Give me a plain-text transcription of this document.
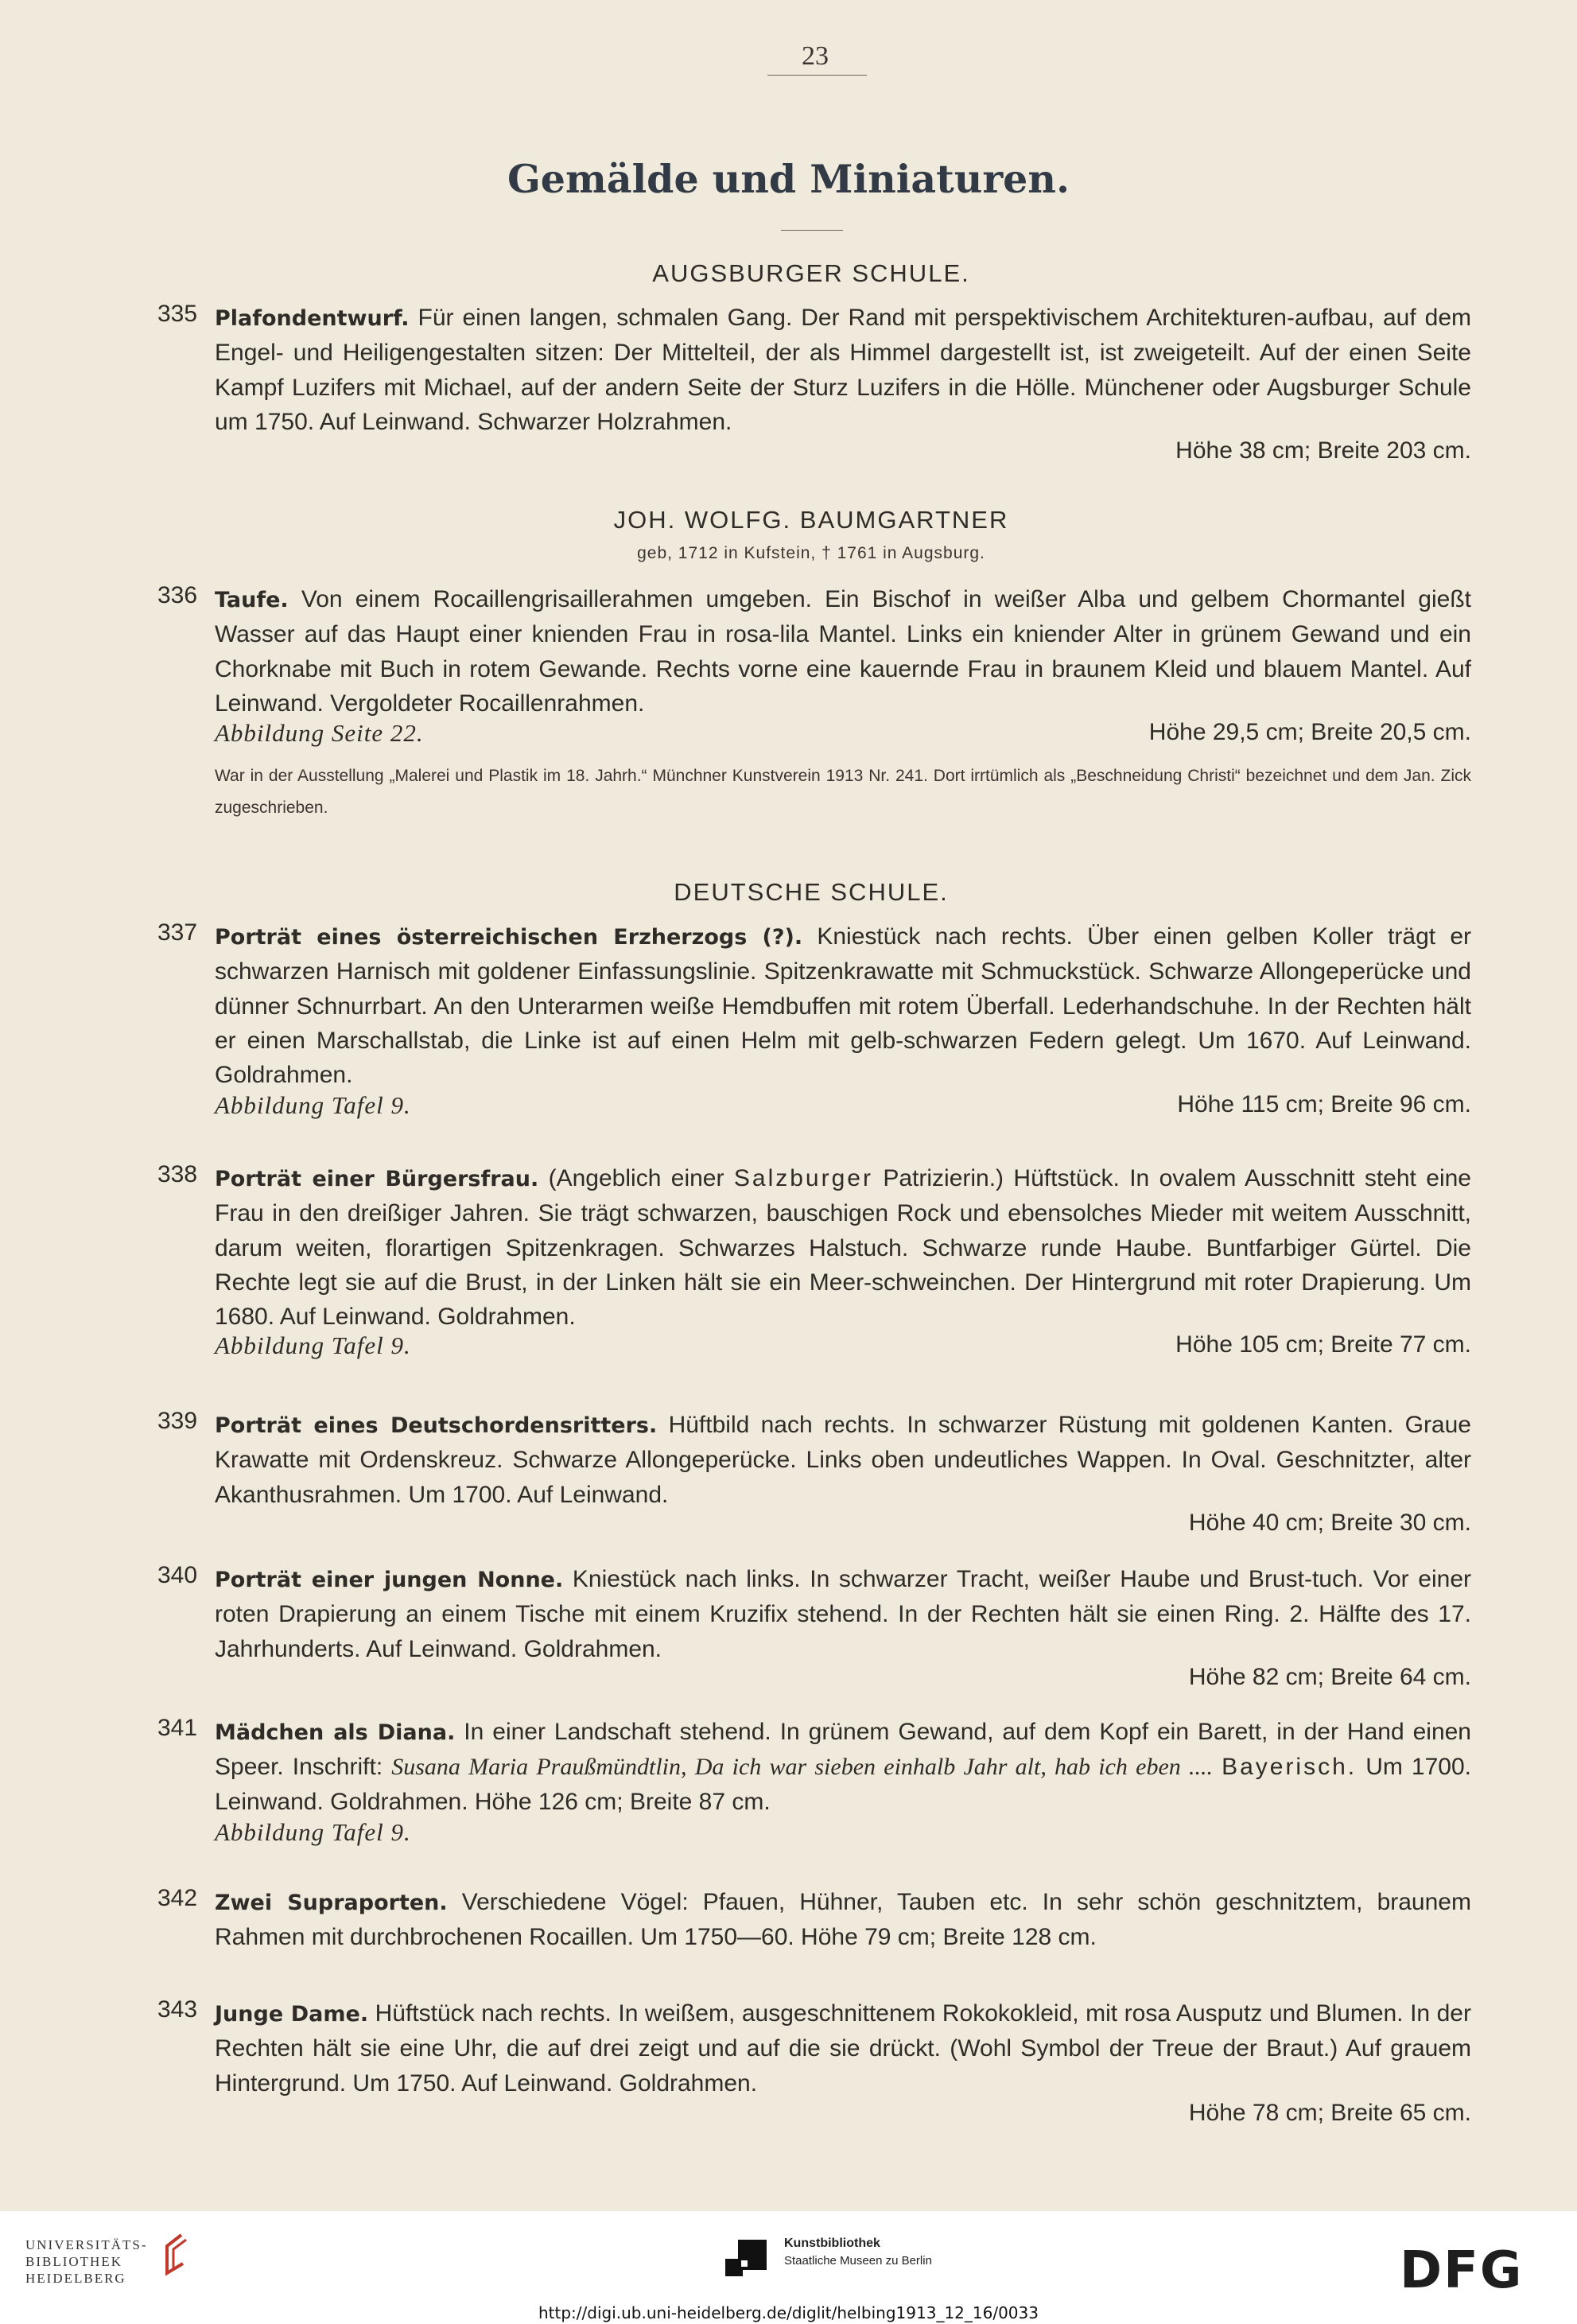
23
Gemälde und Miniaturen.
AUGSBURGER SCHULE.
335 Plafondentwurf. Für einen langen, schmalen Gang. Der Rand mit perspektivischem Architekturen-aufbau, auf dem Engel- und Heiligengestalten sitzen: Der Mittelteil, der als Himmel dargestellt ist, ist zweigeteilt. Auf der einen Seite Kampf Luzifers mit Michael, auf der andern Seite der Sturz Luzifers in die Hölle. Münchener oder Augsburger Schule um 1750. Auf Leinwand. Schwarzer Holzrahmen.
Höhe 38 cm; Breite 203 cm.
JOH. WOLFG. BAUMGARTNER
geb, 1712 in Kufstein, † 1761 in Augsburg.
336 Taufe. Von einem Rocaillengrisaillerahmen umgeben. Ein Bischof in weißer Alba und gelbem Chormantel gießt Wasser auf das Haupt einer knienden Frau in rosa-lila Mantel. Links ein kniender Alter in grünem Gewand und ein Chorknabe mit Buch in rotem Gewande. Rechts vorne eine kauernde Frau in braunem Kleid und blauem Mantel. Auf Leinwand. Vergoldeter Rocaillenrahmen.
Abbildung Seite 22.	Höhe 29,5 cm; Breite 20,5 cm.
War in der Ausstellung „Malerei und Plastik im 18. Jahrh.“ Münchner Kunstverein 1913 Nr. 241. Dort irrtümlich als „Beschneidung Christi“ bezeichnet und dem Jan. Zick zugeschrieben.
DEUTSCHE SCHULE.
337 Porträt eines österreichischen Erzherzogs (?). Kniestück nach rechts. Über einen gelben Koller trägt er schwarzen Harnisch mit goldener Einfassungslinie. Spitzenkrawatte mit Schmuckstück. Schwarze Allongeperücke und dünner Schnurrbart. An den Unterarmen weiße Hemdbuffen mit rotem Überfall. Lederhandschuhe. In der Rechten hält er einen Marschallstab, die Linke ist auf einen Helm mit gelb-schwarzen Federn gelegt. Um 1670. Auf Leinwand. Goldrahmen.
Abbildung Tafel 9.	Höhe 115 cm; Breite 96 cm.
338 Porträt einer Bürgersfrau. (Angeblich einer Salzburger Patrizierin.) Hüftstück. In ovalem Ausschnitt steht eine Frau in den dreißiger Jahren. Sie trägt schwarzen, bauschigen Rock und ebensolches Mieder mit weitem Ausschnitt, darum weiten, florartigen Spitzenkragen. Schwarzes Halstuch. Schwarze runde Haube. Buntfarbiger Gürtel. Die Rechte legt sie auf die Brust, in der Linken hält sie ein Meer-schweinchen. Der Hintergrund mit roter Drapierung. Um 1680. Auf Leinwand. Goldrahmen.
Abbildung Tafel 9.	Höhe 105 cm; Breite 77 cm.
339 Porträt eines Deutschordensritters. Hüftbild nach rechts. In schwarzer Rüstung mit goldenen Kanten. Graue Krawatte mit Ordenskreuz. Schwarze Allongeperücke. Links oben undeutliches Wappen. In Oval. Geschnitzter, alter Akanthusrahmen. Um 1700. Auf Leinwand.
Höhe 40 cm; Breite 30 cm.
340 Porträt einer jungen Nonne. Kniestück nach links. In schwarzer Tracht, weißer Haube und Brust-tuch. Vor einer roten Drapierung an einem Tische mit einem Kruzifix stehend. In der Rechten hält sie einen Ring. 2. Hälfte des 17. Jahrhunderts. Auf Leinwand. Goldrahmen.
Höhe 82 cm; Breite 64 cm.
341 Mädchen als Diana. In einer Landschaft stehend. In grünem Gewand, auf dem Kopf ein Barett, in der Hand einen Speer. Inschrift: Susana Maria Praußmündtlin, Da ich war sieben einhalb Jahr alt, hab ich eben .... Bayerisch. Um 1700. Leinwand. Goldrahmen. Höhe 126 cm; Breite 87 cm.
Abbildung Tafel 9.
342 Zwei Supraporten. Verschiedene Vögel: Pfauen, Hühner, Tauben etc. In sehr schön geschnitztem, braunem Rahmen mit durchbrochenen Rocaillen. Um 1750—60. Höhe 79 cm; Breite 128 cm.
343 Junge Dame. Hüftstück nach rechts. In weißem, ausgeschnittenem Rokokokleid, mit rosa Ausputz und Blumen. In der Rechten hält sie eine Uhr, die auf drei zeigt und auf die sie drückt. (Wohl Symbol der Treue der Braut.) Auf grauem Hintergrund. Um 1750. Auf Leinwand. Goldrahmen.
Höhe 78 cm; Breite 65 cm.
UNIVERSITÄTS-
BIBLIOTHEK
HEIDELBERG
Kunstbibliothek
Staatliche Museen zu Berlin	DFG
http://digi.ub.uni-heidelberg.de/diglit/helbing1913_12_16/0033
